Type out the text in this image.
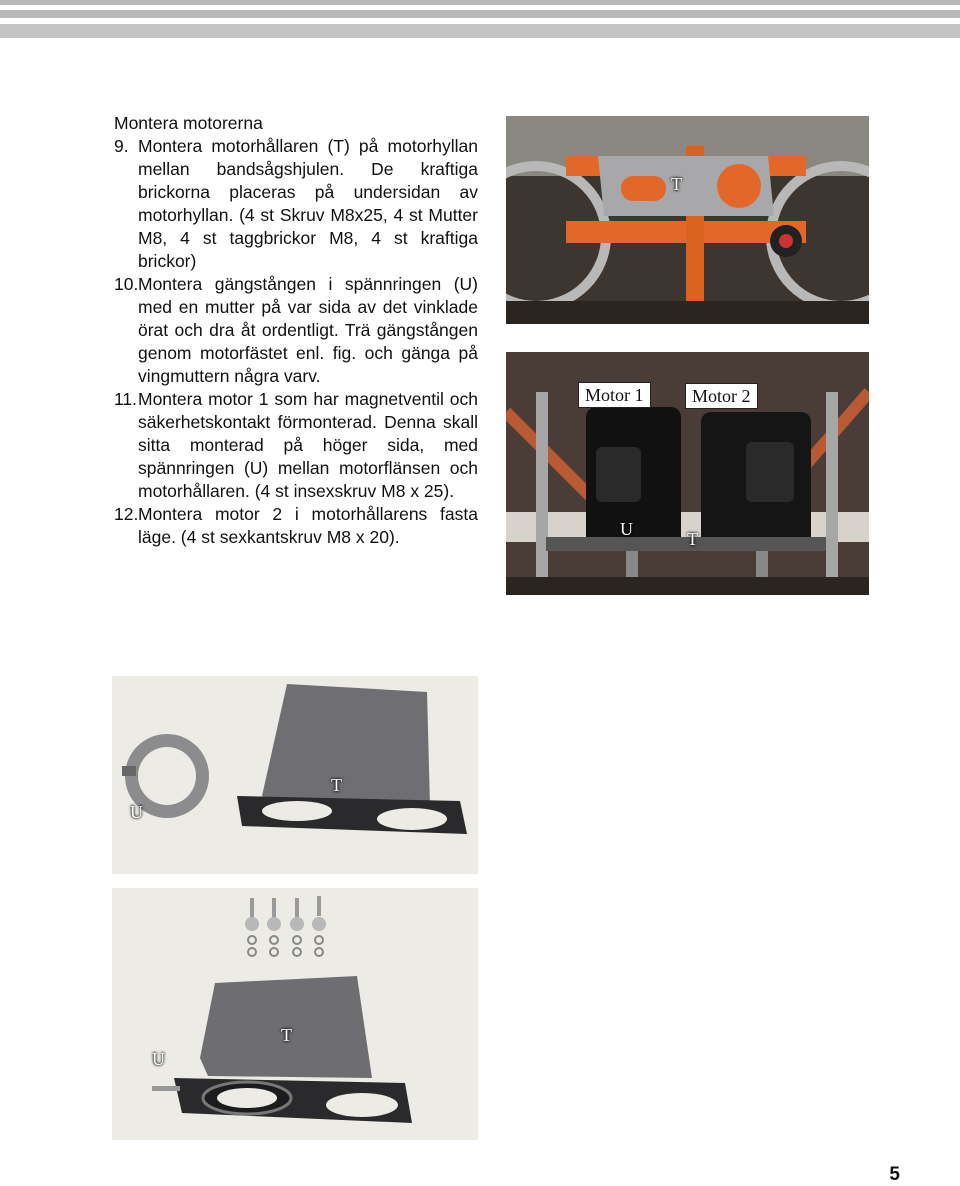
Montera motorerna
9. Montera motorhållaren (T) på motorhyllan mellan bandsågshjulen. De kraftiga brickorna placeras på undersidan av motorhyllan. (4 st Skruv M8x25, 4 st Mutter M8, 4 st taggbrickor M8, 4 st kraftiga brickor)
10. Montera gängstången i spännringen (U) med en mutter på var sida av det vinklade örat och dra åt ordentligt. Trä gängstången genom motorfästet enl. fig. och gänga på vingmuttern några varv.
11. Montera motor 1 som har magnetventil och säkerhetskontakt förmonterad. Denna skall sitta monterad på höger sida, med spännringen (U) mellan motorflänsen och motorhållaren. (4 st insexskruv M8 x 25).
12. Montera motor 2 i motorhållarens fasta läge. (4 st sexkantskruv M8 x 20).
T
Motor 1	Motor 2
U	T
U
T
U
T
5
